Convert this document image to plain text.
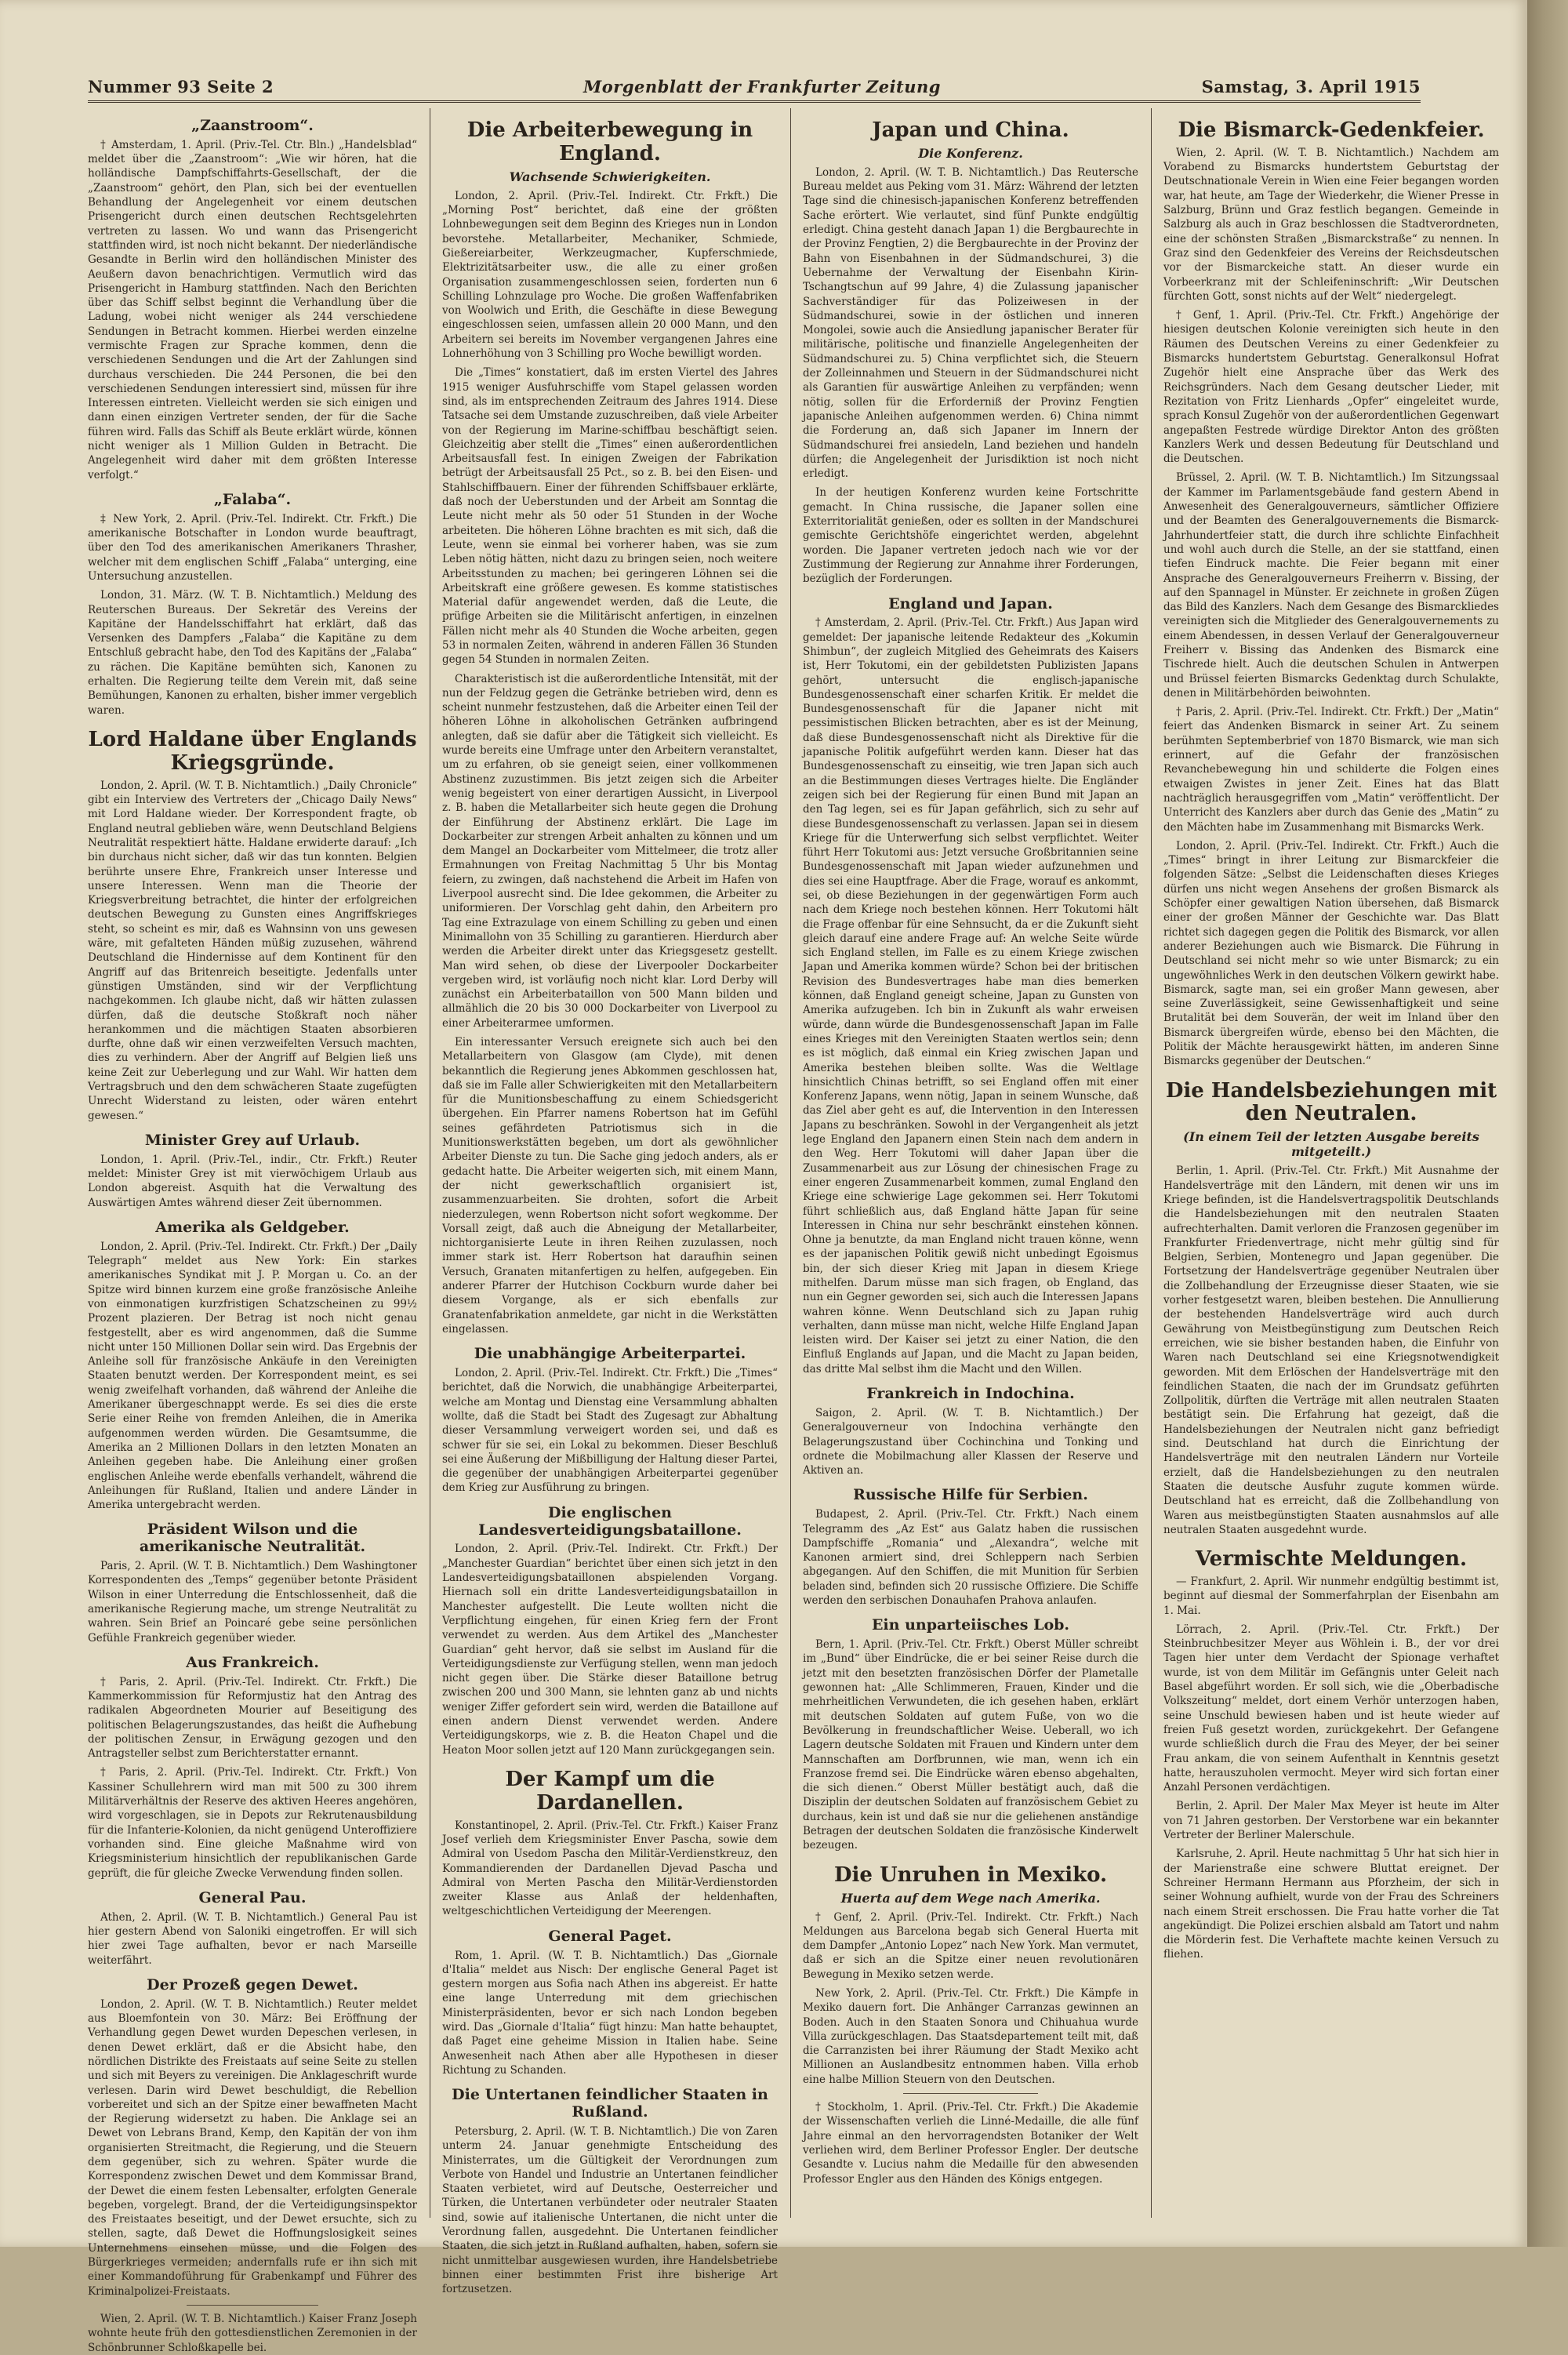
Nummer 93 Seite 2	Morgenblatt der Frankfurter Zeitung	Samstag, 3. April 1915
„Zaanstroom“.

† Amsterdam, 1. April. (Priv.-Tel. Ctr. Bln.) „Handelsblad“ meldet über die „Zaanstroom“: „Wie wir hören, hat die holländische Dampfschiffahrts-Gesellschaft, der die „Zaanstroom“ gehört, den Plan, sich bei der eventuellen Behandlung der Angelegenheit vor einem deutschen Prisengericht durch einen deutschen Rechtsgelehrten vertreten zu lassen. Wo und wann das Prisengericht stattfinden wird, ist noch nicht bekannt. Der niederländische Gesandte in Berlin wird den holländischen Minister des Aeußern davon benachrichtigen. Vermutlich wird das Prisengericht in Hamburg stattfinden. Nach den Berichten über das Schiff selbst beginnt die Verhandlung über die Ladung, wobei nicht weniger als 244 verschiedene Sendungen in Betracht kommen. Hierbei werden einzelne vermischte Fragen zur Sprache kommen, denn die verschiedenen Sendungen und die Art der Zahlungen sind durchaus verschieden. Die 244 Personen, die bei den verschiedenen Sendungen interessiert sind, müssen für ihre Interessen eintreten. Vielleicht werden sie sich einigen und dann einen einzigen Vertreter senden, der für die Sache führen wird. Falls das Schiff als Beute erklärt würde, können nicht weniger als 1 Million Gulden in Betracht. Die Angelegenheit wird daher mit dem größten Interesse verfolgt.“

„Falaba“.

‡ New York, 2. April. (Priv.-Tel. Indirekt. Ctr. Frkft.) Die amerikanische Botschafter in London wurde beauftragt, über den Tod des amerikanischen Amerikaners Thrasher, welcher mit dem englischen Schiff „Falaba“ unterging, eine Untersuchung anzustellen.

London, 31. März. (W. T. B. Nichtamtlich.) Meldung des Reuterschen Bureaus. Der Sekretär des Vereins der Kapitäne der Handelsschiffahrt hat erklärt, daß das Versenken des Dampfers „Falaba“ die Kapitäne zu dem Entschluß gebracht habe, den Tod des Kapitäns der „Falaba“ zu rächen. Die Kapitäne bemühten sich, Kanonen zu erhalten. Die Regierung teilte dem Verein mit, daß seine Bemühungen, Kanonen zu erhalten, bisher immer vergeblich waren.

Lord Haldane über Englands Kriegsgründe.

London, 2. April. (W. T. B. Nichtamtlich.) „Daily Chronicle“ gibt ein Interview des Vertreters der „Chicago Daily News“ mit Lord Haldane wieder. Der Korrespondent fragte, ob England neutral geblieben wäre, wenn Deutschland Belgiens Neutralität respektiert hätte. Haldane erwiderte darauf: „Ich bin durchaus nicht sicher, daß wir das tun konnten. Belgien berührte unsere Ehre, Frankreich unser Interesse und unsere Interessen. Wenn man die Theorie der Kriegsverbreitung betrachtet, die hinter der erfolgreichen deutschen Bewegung zu Gunsten eines Angriffskrieges steht, so scheint es mir, daß es Wahnsinn von uns gewesen wäre, mit gefalteten Händen müßig zuzusehen, während Deutschland die Hindernisse auf dem Kontinent für den Angriff auf das Britenreich beseitigte. Jedenfalls unter günstigen Umständen, sind wir der Verpflichtung nachgekommen. Ich glaube nicht, daß wir hätten zulassen dürfen, daß die deutsche Stoßkraft noch näher herankommen und die mächtigen Staaten absorbieren durfte, ohne daß wir einen verzweifelten Versuch machten, dies zu verhindern. Aber der Angriff auf Belgien ließ uns keine Zeit zur Ueberlegung und zur Wahl. Wir hatten dem Vertragsbruch und den dem schwächeren Staate zugefügten Unrecht Widerstand zu leisten, oder wären entehrt gewesen.“

Minister Grey auf Urlaub.

London, 1. April. (Priv.-Tel., indir., Ctr. Frkft.) Reuter meldet: Minister Grey ist mit vierwöchigem Urlaub aus London abgereist. Asquith hat die Verwaltung des Auswärtigen Amtes während dieser Zeit übernommen.

Amerika als Geldgeber.

London, 2. April. (Priv.-Tel. Indirekt. Ctr. Frkft.) Der „Daily Telegraph“ meldet aus New York: Ein starkes amerikanisches Syndikat mit J. P. Morgan u. Co. an der Spitze wird binnen kurzem eine große französische Anleihe von einmonatigen kurzfristigen Schatzscheinen zu 99½ Prozent plazieren. Der Betrag ist noch nicht genau festgestellt, aber es wird angenommen, daß die Summe nicht unter 150 Millionen Dollar sein wird. Das Ergebnis der Anleihe soll für französische Ankäufe in den Vereinigten Staaten benutzt werden. Der Korrespondent meint, es sei wenig zweifelhaft vorhanden, daß während der Anleihe die Amerikaner übergeschnappt werde. Es sei dies die erste Serie einer Reihe von fremden Anleihen, die in Amerika aufgenommen werden würden. Die Gesamtsumme, die Amerika an 2 Millionen Dollars in den letzten Monaten an Anleihen gegeben habe. Die Anleihung einer großen englischen Anleihe werde ebenfalls verhandelt, während die Anleihungen für Rußland, Italien und andere Länder in Amerika untergebracht werden.

Präsident Wilson und die amerikanische Neutralität.

Paris, 2. April. (W. T. B. Nichtamtlich.) Dem Washingtoner Korrespondenten des „Temps“ gegenüber betonte Präsident Wilson in einer Unterredung die Entschlossenheit, daß die amerikanische Regierung mache, um strenge Neutralität zu wahren. Sein Brief an Poincaré gebe seine persönlichen Gefühle Frankreich gegenüber wieder.

Aus Frankreich.

† Paris, 2. April. (Priv.-Tel. Indirekt. Ctr. Frkft.) Die Kammerkommission für Reformjustiz hat den Antrag des radikalen Abgeordneten Mourier auf Beseitigung des politischen Belagerungszustandes, das heißt die Aufhebung der politischen Zensur, in Erwägung gezogen und den Antragsteller selbst zum Berichterstatter ernannt.

† Paris, 2. April. (Priv.-Tel. Indirekt. Ctr. Frkft.) Von Kassiner Schullehrern wird man mit 500 zu 300 ihrem Militärverhältnis der Reserve des aktiven Heeres angehören, wird vorgeschlagen, sie in Depots zur Rekrutenausbildung für die Infanterie-Kolonien, da nicht genügend Unteroffiziere vorhanden sind. Eine gleiche Maßnahme wird von Kriegsministerium hinsichtlich der republikanischen Garde geprüft, die für gleiche Zwecke Verwendung finden sollen.

General Pau.

Athen, 2. April. (W. T. B. Nichtamtlich.) General Pau ist hier gestern Abend von Saloniki eingetroffen. Er will sich hier zwei Tage aufhalten, bevor er nach Marseille weiterfährt.

Der Prozeß gegen Dewet.

London, 2. April. (W. T. B. Nichtamtlich.) Reuter meldet aus Bloemfontein von 30. März: Bei Eröffnung der Verhandlung gegen Dewet wurden Depeschen verlesen, in denen Dewet erklärt, daß er die Absicht habe, den nördlichen Distrikte des Freistaats auf seine Seite zu stellen und sich mit Beyers zu vereinigen. Die Anklageschrift wurde verlesen. Darin wird Dewet beschuldigt, die Rebellion vorbereitet und sich an der Spitze einer bewaffneten Macht der Regierung widersetzt zu haben. Die Anklage sei an Dewet von Lebrans Brand, Kemp, den Kapitän der von ihm organisierten Streitmacht, die Regierung, und die Steuern dem gegenüber, sich zu wehren. Später wurde die Korrespondenz zwischen Dewet und dem Kommissar Brand, der Dewet die einem festen Lebensalter, erfolgten Generale begeben, vorgelegt. Brand, der die Verteidigungsinspektor des Freistaates beseitigt, und der Dewet ersuchte, sich zu stellen, sagte, daß Dewet die Hoffnungslosigkeit seines Unternehmens einsehen müsse, und die Folgen des Bürgerkrieges vermeiden; andernfalls rufe er ihn sich mit einer Kommandoführung für Grabenkampf und Führer des Kriminalpolizei-Freistaats.

Wien, 2. April. (W. T. B. Nichtamtlich.) Kaiser Franz Joseph wohnte heute früh den gottesdienstlichen Zeremonien in der Schönbrunner Schloßkapelle bei.

Die Arbeiterbewegung in England.
Wachsende Schwierigkeiten.

London, 2. April. (Priv.-Tel. Indirekt. Ctr. Frkft.) Die „Morning Post“ berichtet, daß eine der größten Lohnbewegungen seit dem Beginn des Krieges nun in London bevorstehe. Metallarbeiter, Mechaniker, Schmiede, Gießereiarbeiter, Werkzeugmacher, Kupferschmiede, Elektrizitätsarbeiter usw., die alle zu einer großen Organisation zusammengeschlossen seien, forderten nun 6 Schilling Lohnzulage pro Woche. Die großen Waffenfabriken von Woolwich und Erith, die Geschäfte in diese Bewegung eingeschlossen seien, umfassen allein 20 000 Mann, und den Arbeitern sei bereits im November vergangenen Jahres eine Lohnerhöhung von 3 Schilling pro Woche bewilligt worden.

Die „Times“ konstatiert, daß im ersten Viertel des Jahres 1915 weniger Ausfuhrschiffe vom Stapel gelassen worden sind, als im entsprechenden Zeitraum des Jahres 1914. Diese Tatsache sei dem Umstande zuzuschreiben, daß viele Arbeiter von der Regierung im Marine-schiffbau beschäftigt seien. Gleichzeitig aber stellt die „Times“ einen außerordentlichen Arbeitsausfall fest. In einigen Zweigen der Fabrikation betrügt der Arbeitsausfall 25 Pct., so z. B. bei den Eisen- und Stahlschiffbauern. Einer der führenden Schiffsbauer erklärte, daß noch der Ueberstunden und der Arbeit am Sonntag die Leute nicht mehr als 50 oder 51 Stunden in der Woche arbeiteten. Die höheren Löhne brachten es mit sich, daß die Leute, wenn sie einmal bei vorherer haben, was sie zum Leben nötig hätten, nicht dazu zu bringen seien, noch weitere Arbeitsstunden zu machen; bei geringeren Löhnen sei die Arbeitskraft eine größere gewesen. Es komme statistisches Material dafür angewendet werden, daß die Leute, die prüfige Arbeiten sie die Militärischt anfertigen, in einzelnen Fällen nicht mehr als 40 Stunden die Woche arbeiten, gegen 53 in normalen Zeiten, während in anderen Fällen 36 Stunden gegen 54 Stunden in normalen Zeiten.

Charakteristisch ist die außerordentliche Intensität, mit der nun der Feldzug gegen die Getränke betrieben wird, denn es scheint nunmehr festzustehen, daß die Arbeiter einen Teil der höheren Löhne in alkoholischen Getränken aufbringend anlegten, daß sie dafür aber die Tätigkeit sich vielleicht. Es wurde bereits eine Umfrage unter den Arbeitern veranstaltet, um zu erfahren, ob sie geneigt seien, einer vollkommenen Abstinenz zuzustimmen. Bis jetzt zeigen sich die Arbeiter wenig begeistert von einer derartigen Aussicht, in Liverpool z. B. haben die Metallarbeiter sich heute gegen die Drohung der Einführung der Abstinenz erklärt. Die Lage im Dockarbeiter zur strengen Arbeit anhalten zu können und um dem Mangel an Dockarbeiter vom Mittelmeer, die trotz aller Ermahnungen von Freitag Nachmittag 5 Uhr bis Montag feiern, zu zwingen, daß nachstehend die Arbeit im Hafen von Liverpool ausrecht sind. Die Idee gekommen, die Arbeiter zu uniformieren. Der Vorschlag geht dahin, den Arbeitern pro Tag eine Extrazulage von einem Schilling zu geben und einen Minimallohn von 35 Schilling zu garantieren. Hierdurch aber werden die Arbeiter direkt unter das Kriegsgesetz gestellt. Man wird sehen, ob diese der Liverpooler Dockarbeiter vergeben wird, ist vorläufig noch nicht klar. Lord Derby will zunächst ein Arbeiterbataillon von 500 Mann bilden und allmählich die 20 bis 30 000 Dockarbeiter von Liverpool zu einer Arbeiterarmee umformen.

Ein interessanter Versuch ereignete sich auch bei den Metallarbeitern von Glasgow (am Clyde), mit denen bekanntlich die Regierung jenes Abkommen geschlossen hat, daß sie im Falle aller Schwierigkeiten mit den Metallarbeitern für die Munitionsbeschaffung zu einem Schiedsgericht übergehen. Ein Pfarrer namens Robertson hat im Gefühl seines gefährdeten Patriotismus sich in die Munitionswerkstätten begeben, um dort als gewöhnlicher Arbeiter Dienste zu tun. Die Sache ging jedoch anders, als er gedacht hatte. Die Arbeiter weigerten sich, mit einem Mann, der nicht gewerkschaftlich organisiert ist, zusammenzuarbeiten. Sie drohten, sofort die Arbeit niederzulegen, wenn Robertson nicht sofort wegkomme. Der Vorsall zeigt, daß auch die Abneigung der Metallarbeiter, nichtorganisierte Leute in ihren Reihen zuzulassen, noch immer stark ist. Herr Robertson hat daraufhin seinen Versuch, Granaten mitanfertigen zu helfen, aufgegeben. Ein anderer Pfarrer der Hutchison Cockburn wurde daher bei diesem Vorgange, als er sich ebenfalls zur Granatenfabrikation anmeldete, gar nicht in die Werkstätten eingelassen.

Die unabhängige Arbeiterpartei.

London, 2. April. (Priv.-Tel. Indirekt. Ctr. Frkft.) Die „Times“ berichtet, daß die Norwich, die unabhängige Arbeiterpartei, welche am Montag und Dienstag eine Versammlung abhalten wollte, daß die Stadt bei Stadt des Zugesagt zur Abhaltung dieser Versammlung verweigert worden sei, und daß es schwer für sie sei, ein Lokal zu bekommen. Dieser Beschluß sei eine Äußerung der Mißbilligung der Haltung dieser Partei, die gegenüber der unabhängigen Arbeiterpartei gegenüber dem Krieg zur Ausführung zu bringen.

Die englischen Landesverteidigungsbataillone.

London, 2. April. (Priv.-Tel. Indirekt. Ctr. Frkft.) Der „Manchester Guardian“ berichtet über einen sich jetzt in den Landesverteidigungsbataillonen abspielenden Vorgang. Hiernach soll ein dritte Landesverteidigungsbataillon in Manchester aufgestellt. Die Leute wollten nicht die Verpflichtung eingehen, für einen Krieg fern der Front verwendet zu werden. Aus dem Artikel des „Manchester Guardian“ geht hervor, daß sie selbst im Ausland für die Verteidigungsdienste zur Verfügung stellen, wenn man jedoch nicht gegen über. Die Stärke dieser Bataillone betrug zwischen 200 und 300 Mann, sie lehnten ganz ab und nichts weniger Ziffer gefordert sein wird, werden die Bataillone auf einen andern Dienst verwendet werden. Andere Verteidigungskorps, wie z. B. die Heaton Chapel und die Heaton Moor sollen jetzt auf 120 Mann zurückgegangen sein.

Der Kampf um die Dardanellen.

Konstantinopel, 2. April. (Priv.-Tel. Ctr. Frkft.) Kaiser Franz Josef verlieh dem Kriegsminister Enver Pascha, sowie dem Admiral von Usedom Pascha den Militär-Verdienstkreuz, den Kommandierenden der Dardanellen Djevad Pascha und Admiral von Merten Pascha den Militär-Verdienstorden zweiter Klasse aus Anlaß der heldenhaften, weltgeschichtlichen Verteidigung der Meerengen.

General Paget.

Rom, 1. April. (W. T. B. Nichtamtlich.) Das „Giornale d'Italia“ meldet aus Nisch: Der englische General Paget ist gestern morgen aus Sofia nach Athen ins abgereist. Er hatte eine lange Unterredung mit dem griechischen Ministerpräsidenten, bevor er sich nach London begeben wird. Das „Giornale d'Italia“ fügt hinzu: Man hatte behauptet, daß Paget eine geheime Mission in Italien habe. Seine Anwesenheit nach Athen aber alle Hypothesen in dieser Richtung zu Schanden.

Die Untertanen feindlicher Staaten in Rußland.

Petersburg, 2. April. (W. T. B. Nichtamtlich.) Die von Zaren unterm 24. Januar genehmigte Entscheidung des Ministerrates, um die Gültigkeit der Verordnungen zum Verbote von Handel und Industrie an Untertanen feindlicher Staaten verbietet, wird auf Deutsche, Oesterreicher und Türken, die Untertanen verbündeter oder neutraler Staaten sind, sowie auf italienische Untertanen, die nicht unter die Verordnung fallen, ausgedehnt. Die Untertanen feindlicher Staaten, die sich jetzt in Rußland aufhalten, haben, sofern sie nicht unmittelbar ausgewiesen wurden, ihre Handelsbetriebe binnen einer bestimmten Frist ihre bisherige Art fortzusetzen.

Japan und China.
Die Konferenz.

London, 2. April. (W. T. B. Nichtamtlich.) Das Reutersche Bureau meldet aus Peking vom 31. März: Während der letzten Tage sind die chinesisch-japanischen Konferenz betreffenden Sache erörtert. Wie verlautet, sind fünf Punkte endgültig erledigt. China gesteht danach Japan 1) die Bergbaurechte in der Provinz Fengtien, 2) die Bergbaurechte in der Provinz der Bahn von Eisenbahnen in der Südmandschurei, 3) die Uebernahme der Verwaltung der Eisenbahn Kirin-Tschangtschun auf 99 Jahre, 4) die Zulassung japanischer Sachverständiger für das Polizeiwesen in der Südmandschurei, sowie in der östlichen und inneren Mongolei, sowie auch die Ansiedlung japanischer Berater für militärische, politische und finanzielle Angelegenheiten der Südmandschurei zu. 5) China verpflichtet sich, die Steuern der Zolleinnahmen und Steuern in der Südmandschurei nicht als Garantien für auswärtige Anleihen zu verpfänden; wenn nötig, sollen für die Erforderniß der Provinz Fengtien japanische Anleihen aufgenommen werden. 6) China nimmt die Forderung an, daß sich Japaner im Innern der Südmandschurei frei ansiedeln, Land beziehen und handeln dürfen; die Angelegenheit der Jurisdiktion ist noch nicht erledigt.

In der heutigen Konferenz wurden keine Fortschritte gemacht. In China russische, die Japaner sollen eine Exterritorialität genießen, oder es sollten in der Mandschurei gemischte Gerichtshöfe eingerichtet werden, abgelehnt worden. Die Japaner vertreten jedoch nach wie vor der Zustimmung der Regierung zur Annahme ihrer Forderungen, bezüglich der Forderungen.

England und Japan.

† Amsterdam, 2. April. (Priv.-Tel. Ctr. Frkft.) Aus Japan wird gemeldet: Der japanische leitende Redakteur des „Kokumin Shimbun“, der zugleich Mitglied des Geheimrats des Kaisers ist, Herr Tokutomi, ein der gebildetsten Publizisten Japans gehört, untersucht die englisch-japanische Bundesgenossenschaft einer scharfen Kritik. Er meldet die Bundesgenossenschaft für die Japaner nicht mit pessimistischen Blicken betrachten, aber es ist der Meinung, daß diese Bundesgenossenschaft nicht als Direktive für die japanische Politik aufgeführt werden kann. Dieser hat das Bundesgenossenschaft zu einseitig, wie tren Japan sich auch an die Bestimmungen dieses Vertrages hielte. Die Engländer zeigen sich bei der Regierung für einen Bund mit Japan an den Tag legen, sei es für Japan gefährlich, sich zu sehr auf diese Bundesgenossenschaft zu verlassen. Japan sei in diesem Kriege für die Unterwerfung sich selbst verpflichtet. Weiter führt Herr Tokutomi aus: Jetzt versuche Großbritannien seine Bundesgenossenschaft mit Japan wieder aufzunehmen und dies sei eine Hauptfrage. Aber die Frage, worauf es ankommt, sei, ob diese Beziehungen in der gegenwärtigen Form auch nach dem Kriege noch bestehen können. Herr Tokutomi hält die Frage offenbar für eine Sehnsucht, da er die Zukunft sieht gleich darauf eine andere Frage auf: An welche Seite würde sich England stellen, im Falle es zu einem Kriege zwischen Japan und Amerika kommen würde? Schon bei der britischen Revision des Bundesvertrages habe man dies bemerken können, daß England geneigt scheine, Japan zu Gunsten von Amerika aufzugeben. Ich bin in Zukunft als wahr erweisen würde, dann würde die Bundesgenossenschaft Japan im Falle eines Krieges mit den Vereinigten Staaten wertlos sein; denn es ist möglich, daß einmal ein Krieg zwischen Japan und Amerika bestehen bleiben sollte. Was die Weltlage hinsichtlich Chinas betrifft, so sei England offen mit einer Konferenz Japans, wenn nötig, Japan in seinem Wunsche, daß das Ziel aber geht es auf, die Intervention in den Interessen Japans zu beschränken. Sowohl in der Vergangenheit als jetzt lege England den Japanern einen Stein nach dem andern in den Weg. Herr Tokutomi will daher Japan über die Zusammenarbeit aus zur Lösung der chinesischen Frage zu einer engeren Zusammenarbeit kommen, zumal England den Kriege eine schwierige Lage gekommen sei. Herr Tokutomi führt schließlich aus, daß England hätte Japan für seine Interessen in China nur sehr beschränkt einstehen können. Ohne ja benutzte, da man England nicht trauen könne, wenn es der japanischen Politik gewiß nicht unbedingt Egoismus bin, der sich dieser Krieg mit Japan in diesem Kriege mithelfen. Darum müsse man sich fragen, ob England, das nun ein Gegner geworden sei, sich auch die Interessen Japans wahren könne. Wenn Deutschland sich zu Japan ruhig verhalten, dann müsse man nicht, welche Hilfe England Japan leisten wird. Der Kaiser sei jetzt zu einer Nation, die den Einfluß Englands auf Japan, und die Macht zu Japan beiden, das dritte Mal selbst ihm die Macht und den Willen.

Frankreich in Indochina.

Saigon, 2. April. (W. T. B. Nichtamtlich.) Der Generalgouverneur von Indochina verhängte den Belagerungszustand über Cochinchina und Tonking und ordnete die Mobilmachung aller Klassen der Reserve und Aktiven an.

Russische Hilfe für Serbien.

Budapest, 2. April. (Priv.-Tel. Ctr. Frkft.) Nach einem Telegramm des „Az Est“ aus Galatz haben die russischen Dampfschiffe „Romania“ und „Alexandra“, welche mit Kanonen armiert sind, drei Schleppern nach Serbien abgegangen. Auf den Schiffen, die mit Munition für Serbien beladen sind, befinden sich 20 russische Offiziere. Die Schiffe werden den serbischen Donauhafen Prahova anlaufen.

Ein unparteiisches Lob.

Bern, 1. April. (Priv.-Tel. Ctr. Frkft.) Oberst Müller schreibt im „Bund“ über Eindrücke, die er bei seiner Reise durch die jetzt mit den besetzten französischen Dörfer der Plametalle gewonnen hat: „Alle Schlimmeren, Frauen, Kinder und die mehrheitlichen Verwundeten, die ich gesehen haben, erklärt mit deutschen Soldaten auf gutem Fuße, von wo die Bevölkerung in freundschaftlicher Weise. Ueberall, wo ich Lagern deutsche Soldaten mit Frauen und Kindern unter dem Mannschaften am Dorfbrunnen, wie man, wenn ich ein Franzose fremd sei. Die Eindrücke wären ebenso abgehalten, die sich dienen.“ Oberst Müller bestätigt auch, daß die Disziplin der deutschen Soldaten auf französischem Gebiet zu durchaus, kein ist und daß sie nur die geliehenen anständige Betragen der deutschen Soldaten die französische Kinderwelt bezeugen.

Die Unruhen in Mexiko.
Huerta auf dem Wege nach Amerika.

† Genf, 2. April. (Priv.-Tel. Indirekt. Ctr. Frkft.) Nach Meldungen aus Barcelona begab sich General Huerta mit dem Dampfer „Antonio Lopez“ nach New York. Man vermutet, daß er sich an die Spitze einer neuen revolutionären Bewegung in Mexiko setzen werde.

New York, 2. April. (Priv.-Tel. Ctr. Frkft.) Die Kämpfe in Mexiko dauern fort. Die Anhänger Carranzas gewinnen an Boden. Auch in den Staaten Sonora und Chihuahua wurde Villa zurückgeschlagen. Das Staatsdepartement teilt mit, daß die Carranzisten bei ihrer Räumung der Stadt Mexiko acht Millionen an Auslandbesitz entnommen haben. Villa erhob eine halbe Million Steuern von den Deutschen.

† Stockholm, 1. April. (Priv.-Tel. Ctr. Frkft.) Die Akademie der Wissenschaften verlieh die Linné-Medaille, die alle fünf Jahre einmal an den hervorragendsten Botaniker der Welt verliehen wird, dem Berliner Professor Engler. Der deutsche Gesandte v. Lucius nahm die Medaille für den abwesenden Professor Engler aus den Händen des Königs entgegen.

Die Bismarck-Gedenkfeier.

Wien, 2. April. (W. T. B. Nichtamtlich.) Nachdem am Vorabend zu Bismarcks hundertstem Geburtstag der Deutschnationale Verein in Wien eine Feier begangen worden war, hat heute, am Tage der Wiederkehr, die Wiener Presse in Salzburg, Brünn und Graz festlich begangen. Gemeinde in Salzburg als auch in Graz beschlossen die Stadtverordneten, eine der schönsten Straßen „Bismarckstraße“ zu nennen. In Graz sind den Gedenkfeier des Vereins der Reichsdeutschen vor der Bismarckeiche statt. An dieser wurde ein Vorbeerkranz mit der Schleifeninschrift: „Wir Deutschen fürchten Gott, sonst nichts auf der Welt“ niedergelegt.

† Genf, 1. April. (Priv.-Tel. Ctr. Frkft.) Angehörige der hiesigen deutschen Kolonie vereinigten sich heute in den Räumen des Deutschen Vereins zu einer Gedenkfeier zu Bismarcks hundertstem Geburtstag. Generalkonsul Hofrat Zugehör hielt eine Ansprache über das Werk des Reichsgründers. Nach dem Gesang deutscher Lieder, mit Rezitation von Fritz Lienhards „Opfer“ eingeleitet wurde, sprach Konsul Zugehör von der außerordentlichen Gegenwart angepaßten Festrede würdige Direktor Anton des größten Kanzlers Werk und dessen Bedeutung für Deutschland und die Deutschen.

Brüssel, 2. April. (W. T. B. Nichtamtlich.) Im Sitzungssaal der Kammer im Parlamentsgebäude fand gestern Abend in Anwesenheit des Generalgouverneurs, sämtlicher Offiziere und der Beamten des Generalgouvernements die Bismarck-Jahrhundertfeier statt, die durch ihre schlichte Einfachheit und wohl auch durch die Stelle, an der sie stattfand, einen tiefen Eindruck machte. Die Feier begann mit einer Ansprache des Generalgouverneurs Freiherrn v. Bissing, der auf den Spannagel in Münster. Er zeichnete in großen Zügen das Bild des Kanzlers. Nach dem Gesange des Bismarckliedes vereinigten sich die Mitglieder des Generalgouvernements zu einem Abendessen, in dessen Verlauf der Generalgouverneur Freiherr v. Bissing das Andenken des Bismarck eine Tischrede hielt. Auch die deutschen Schulen in Antwerpen und Brüssel feierten Bismarcks Gedenktag durch Schulakte, denen in Militärbehörden beiwohnten.

† Paris, 2. April. (Priv.-Tel. Indirekt. Ctr. Frkft.) Der „Matin“ feiert das Andenken Bismarck in seiner Art. Zu seinem berühmten Septemberbrief von 1870 Bismarck, wie man sich erinnert, auf die Gefahr der französischen Revanchebewegung hin und schilderte die Folgen eines etwaigen Zwistes in jener Zeit. Eines hat das Blatt nachträglich herausgegriffen vom „Matin“ veröffentlicht. Der Unterricht des Kanzlers aber durch das Genie des „Matin“ zu den Mächten habe im Zusammenhang mit Bismarcks Werk.

London, 2. April. (Priv.-Tel. Indirekt. Ctr. Frkft.) Auch die „Times“ bringt in ihrer Leitung zur Bismarckfeier die folgenden Sätze: „Selbst die Leidenschaften dieses Krieges dürfen uns nicht wegen Ansehens der großen Bismarck als Schöpfer einer gewaltigen Nation übersehen, daß Bismarck einer der großen Männer der Geschichte war. Das Blatt richtet sich dagegen gegen die Politik des Bismarck, vor allen anderer Beziehungen auch wie Bismarck. Die Führung in Deutschland sei nicht mehr so wie unter Bismarck; zu ein ungewöhnliches Werk in den deutschen Völkern gewirkt habe. Bismarck, sagte man, sei ein großer Mann gewesen, aber seine Zuverlässigkeit, seine Gewissenhaftigkeit und seine Brutalität bei dem Souverän, der weit im Inland über den Bismarck übergreifen würde, ebenso bei den Mächten, die Politik der Mächte herausgewirkt hätten, im anderen Sinne Bismarcks gegenüber der Deutschen.“

Die Handelsbeziehungen mit den Neutralen.
(In einem Teil der letzten Ausgabe bereits mitgeteilt.)

Berlin, 1. April. (Priv.-Tel. Ctr. Frkft.) Mit Ausnahme der Handelsverträge mit den Ländern, mit denen wir uns im Kriege befinden, ist die Handelsvertragspolitik Deutschlands die Handelsbeziehungen mit den neutralen Staaten aufrechterhalten. Damit verloren die Franzosen gegenüber im Frankfurter Friedenvertrage, nicht mehr gültig sind für Belgien, Serbien, Montenegro und Japan gegenüber. Die Fortsetzung der Handelsverträge gegenüber Neutralen über die Zollbehandlung der Erzeugnisse dieser Staaten, wie sie vorher festgesetzt waren, bleiben bestehen. Die Annullierung der bestehenden Handelsverträge wird auch durch Gewährung von Meistbegünstigung zum Deutschen Reich erreichen, wie sie bisher bestanden haben, die Einfuhr von Waren nach Deutschland sei eine Kriegsnotwendigkeit geworden. Mit dem Erlöschen der Handelsverträge mit den feindlichen Staaten, die nach der im Grundsatz geführten Zollpolitik, dürften die Verträge mit allen neutralen Staaten bestätigt sein. Die Erfahrung hat gezeigt, daß die Handelsbeziehungen der Neutralen nicht ganz befriedigt sind. Deutschland hat durch die Einrichtung der Handelsverträge mit den neutralen Ländern nur Vorteile erzielt, daß die Handelsbeziehungen zu den neutralen Staaten die deutsche Ausfuhr zugute kommen würde. Deutschland hat es erreicht, daß die Zollbehandlung von Waren aus meistbegünstigten Staaten ausnahmslos auf alle neutralen Staaten ausgedehnt wurde.

Vermischte Meldungen.

— Frankfurt, 2. April. Wir nunmehr endgültig bestimmt ist, beginnt auf diesmal der Sommerfahrplan der Eisenbahn am 1. Mai.

Lörrach, 2. April. (Priv.-Tel. Ctr. Frkft.) Der Steinbruchbesitzer Meyer aus Wöhlein i. B., der vor drei Tagen hier unter dem Verdacht der Spionage verhaftet wurde, ist von dem Militär im Gefängnis unter Geleit nach Basel abgeführt worden. Er soll sich, wie die „Oberbadische Volkszeitung“ meldet, dort einem Verhör unterzogen haben, seine Unschuld bewiesen haben und ist heute wieder auf freien Fuß gesetzt worden, zurückgekehrt. Der Gefangene wurde schließlich durch die Frau des Meyer, der bei seiner Frau ankam, die von seinem Aufenthalt in Kenntnis gesetzt hatte, herauszuholen vermocht. Meyer wird sich fortan einer Anzahl Personen verdächtigen.

Berlin, 2. April. Der Maler Max Meyer ist heute im Alter von 71 Jahren gestorben. Der Verstorbene war ein bekannter Vertreter der Berliner Malerschule.

Karlsruhe, 2. April. Heute nachmittag 5 Uhr hat sich hier in der Marienstraße eine schwere Bluttat ereignet. Der Schreiner Hermann Hermann aus Pforzheim, der sich in seiner Wohnung aufhielt, wurde von der Frau des Schreiners nach einem Streit erschossen. Die Frau hatte vorher die Tat angekündigt. Die Polizei erschien alsbald am Tatort und nahm die Mörderin fest. Die Verhaftete machte keinen Versuch zu fliehen.
